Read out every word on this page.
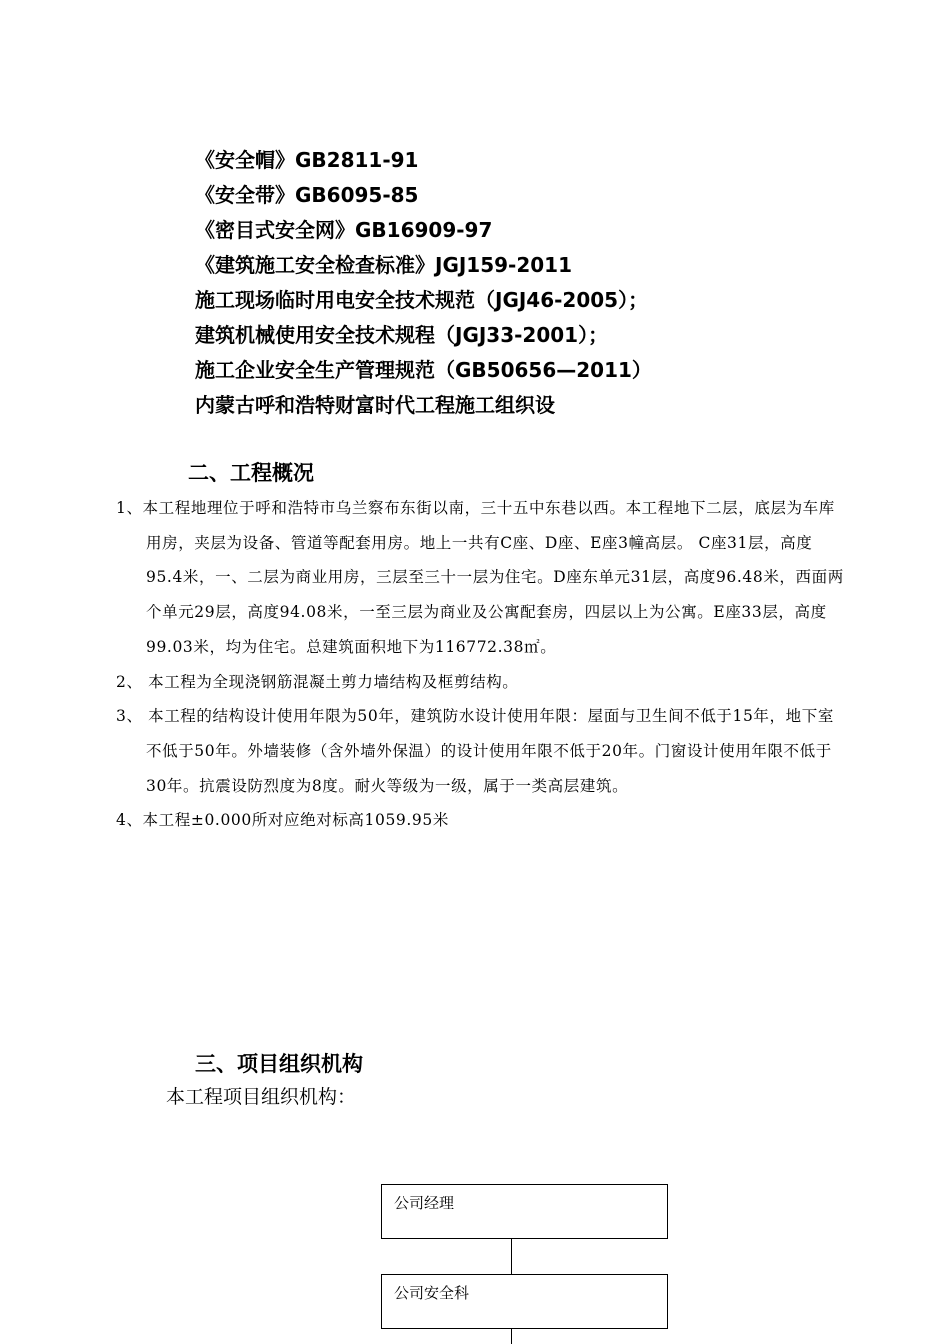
《安全帽》GB2811-91
《安全带》GB6095-85
《密目式安全网》GB16909-97
《建筑施工安全检查标准》JGJ159-2011
施工现场临时用电安全技术规范（JGJ46-2005）；
建筑机械使用安全技术规程（JGJ33-2001）；
施工企业安全生产管理规范（GB50656—2011）
内蒙古呼和浩特财富时代工程施工组织设
二、工程概况
1、本工程地理位于呼和浩特市乌兰察布东街以南，三十五中东巷以西。本工程地下二层，底层为车库用房，夹层为设备、管道等配套用房。地上一共有C座、D座、E座3幢高层。 C座31层，高度95.4米，一、二层为商业用房，三层至三十一层为住宅。D座东单元31层，高度96.48米，西面两个单元29层，高度94.08米，一至三层为商业及公寓配套房，四层以上为公寓。E座33层，高度99.03米，均为住宅。总建筑面积地下为116772.38㎡。
2、 本工程为全现浇钢筋混凝土剪力墙结构及框剪结构。
3、 本工程的结构设计使用年限为50年，建筑防水设计使用年限：屋面与卫生间不低于15年，地下室不低于50年。外墙装修（含外墙外保温）的设计使用年限不低于20年。门窗设计使用年限不低于30年。抗震设防烈度为8度。耐火等级为一级，属于一类高层建筑。
4、本工程±0.000所对应绝对标高1059.95米
三、项目组织机构
本工程项目组织机构：
公司经理
公司安全科
